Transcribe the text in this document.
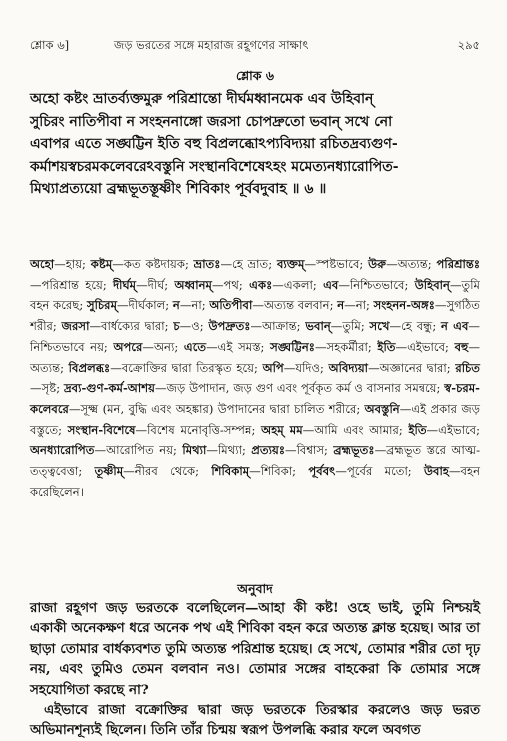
শ্লোক ৬]	জড় ভরতের সঙ্গে মহারাজ রহূগণের সাক্ষাৎ	২৯৫
শ্লোক ৬
অহো কষ্টং ভ্রাতর্ব্যক্তমুরু পরিশ্রান্তো দীর্ঘমধ্বানমেক এব উহিবান্
সুচিরং নাতিপীবা ন সংহননাঙ্গো জরসা চোপদ্রুতো ভবান্ সখে নো
এবাপর এতে সঙ্ঘট্টিন ইতি বহু বিপ্রলব্ধোঽপ্যবিদ্যয়া রচিতদ্রব্যগুণ-
কর্মাশয়স্বচরমকলেবরেঽবস্তুনি সংস্থানবিশেষেঽহং মমেত্যনধ্যারোপিত-
মিথ্যাপ্রত্যয়ো ব্রহ্মভূতস্তূষ্ণীং শিবিকাং পূর্ববদুবাহ ॥ ৬ ॥
অহো—হায়; কষ্টম্—কত কষ্টদায়ক; ভ্রাতঃ—হে ভ্রাত; ব্যক্তম্—স্পষ্টভাবে; উরু—অত্যন্ত; পরিশ্রান্তঃ—পরিশ্রান্ত হয়ে; দীর্ঘম্—দীর্ঘ; অধ্বানম্—পথ; একঃ—একলা; এব—নিশ্চিতভাবে; উহিবান্—তুমি বহন করেছ; সুচিরম্—দীর্ঘকাল; ন—না; অতিপীবা—অত্যন্ত বলবান; ন—না; সংহনন-অঙ্গঃ—সুগঠিত শরীর; জরসা—বার্ধক্যের দ্বারা; চ—ও; উপদ্রুতঃ—আক্রান্ত; ভবান্—তুমি; সখে—হে বন্ধু; ন এব—নিশ্চিতভাবে নয়; অপরে—অন্য; এতে—এই সমস্ত; সঙ্ঘট্টিনঃ—সহকর্মীরা; ইতি—এইভাবে; বহু—অত্যন্ত; বিপ্রলব্ধঃ—বক্রোক্তির দ্বারা তিরস্কৃত হয়ে; অপি—যদিও; অবিদ্যয়া—অজ্ঞানের দ্বারা; রচিত—সৃষ্ট; দ্রব্য-গুণ-কর্ম-আশয়—জড় উপাদান, জড় গুণ এবং পূর্বকৃত কর্ম ও বাসনার সমন্বয়ে; স্ব-চরম-কলেবরে—সূক্ষ্ম (মন, বুদ্ধি এবং অহঙ্কার) উপাদানের দ্বারা চালিত শরীরে; অবস্তুনি—এই প্রকার জড় বস্তুতে; সংস্থান-বিশেষে—বিশেষ মনোবৃত্তি-সম্পন্ন; অহম্ মম—আমি এবং আমার; ইতি—এইভাবে; অনধ্যারোপিত—আরোপিত নয়; মিথ্যা—মিথ্যা; প্রত্যয়ঃ—বিশ্বাস; ব্রহ্মভূতঃ—ব্রহ্মভূত স্তরে আত্ম-তত্ত্ববেত্তা; তূষ্ণীম্—নীরব থেকে; শিবিকাম্—শিবিকা; পূর্ববৎ—পূর্বের মতো; উবাহ—বহন করেছিলেন।
অনুবাদ
রাজা রহূগণ জড় ভরতকে বলেছিলেন—আহা কী কষ্ট! ওহে ভাই, তুমি নিশ্চয়ই একাকী অনেকক্ষণ ধরে অনেক পথ এই শিবিকা বহন করে অত্যন্ত ক্লান্ত হয়েছ। আর তা ছাড়া তোমার বার্ধক্যবশত তুমি অত্যন্ত পরিশ্রান্ত হয়েছ। হে সখে, তোমার শরীর তো দৃঢ় নয়, এবং তুমিও তেমন বলবান নও। তোমার সঙ্গের বাহকেরা কি তোমার সঙ্গে সহযোগিতা করছে না?
এইভাবে রাজা বক্রোক্তির দ্বারা জড় ভরতকে তিরস্কার করলেও জড় ভরত অভিমানশূন্যই ছিলেন। তিনি তাঁর চিন্ময় স্বরূপ উপলব্ধি করার ফলে অবগত
